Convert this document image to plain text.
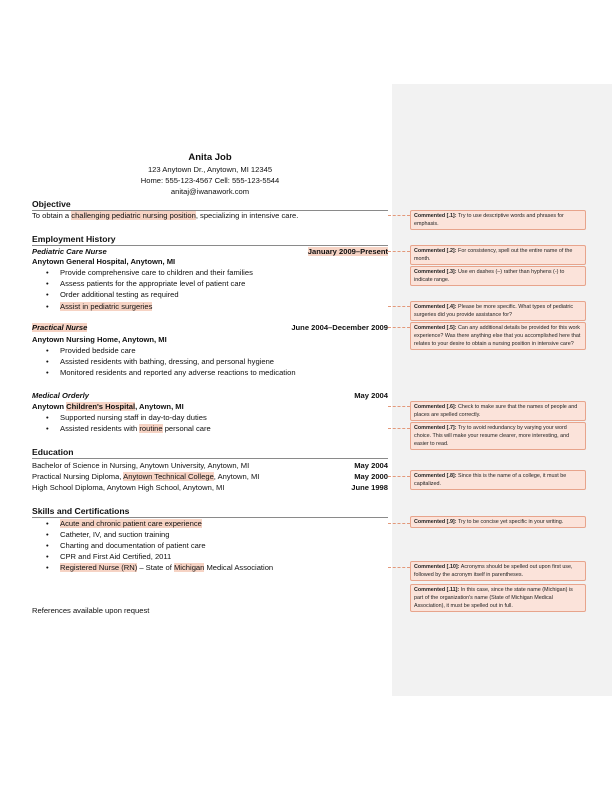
Anita Job
123 Anytown Dr., Anytown, MI 12345
Home: 555-123-4567 Cell: 555-123-5544
anitaj@iwanawork.com
Objective
To obtain a challenging pediatric nursing position, specializing in intensive care.
Employment History
Pediatric Care Nurse	January 2009–Present
Anytown General Hospital, Anytown, MI
• Provide comprehensive care to children and their families
• Assess patients for the appropriate level of patient care
• Order additional testing as required
• Assist in pediatric surgeries
Practical Nurse	June 2004–December 2009
Anytown Nursing Home, Anytown, MI
• Provided bedside care
• Assisted residents with bathing, dressing, and personal hygiene
• Monitored residents and reported any adverse reactions to medication
Medical Orderly	May 2004
Anytown Children's Hospital, Anytown, MI
• Supported nursing staff in day-to-day duties
• Assisted residents with routine personal care
Education
Bachelor of Science in Nursing, Anytown University, Anytown, MI	May 2004
Practical Nursing Diploma, Anytown Technical College, Anytown, MI	May 2000
High School Diploma, Anytown High School, Anytown, MI	June 1998
Skills and Certifications
• Acute and chronic patient care experience
• Catheter, IV, and suction training
• Charting and documentation of patient care
• CPR and First Aid Certified, 2011
• Registered Nurse (RN) – State of Michigan Medical Association
References available upon request
Commented [.1]: Try to use descriptive words and phrases for emphasis.
Commented [.2]: For consistency, spell out the entire name of the month.
Commented [.3]: Use en dashes (–) rather than hyphens (-) to indicate range.
Commented [.4]: Please be more specific. What types of pediatric surgeries did you provide assistance for?
Commented [.5]: Can any additional details be provided for this work experience? Was there anything else that you accomplished here that relates to your desire to obtain a nursing position in intensive care?
Commented [.6]: Check to make sure that the names of people and places are spelled correctly.
Commented [.7]: Try to avoid redundancy by varying your word choice. This will make your resume clearer, more interesting, and easier to read.
Commented [.8]: Since this is the name of a college, it must be capitalized.
Commented [.9]: Try to be concise yet specific in your writing.
Commented [.10]: Acronyms should be spelled out upon first use, followed by the acronym itself in parentheses.
Commented [.11]: In this case, since the state name (Michigan) is part of the organization's name (State of Michigan Medical Association), it must be spelled out in full.
